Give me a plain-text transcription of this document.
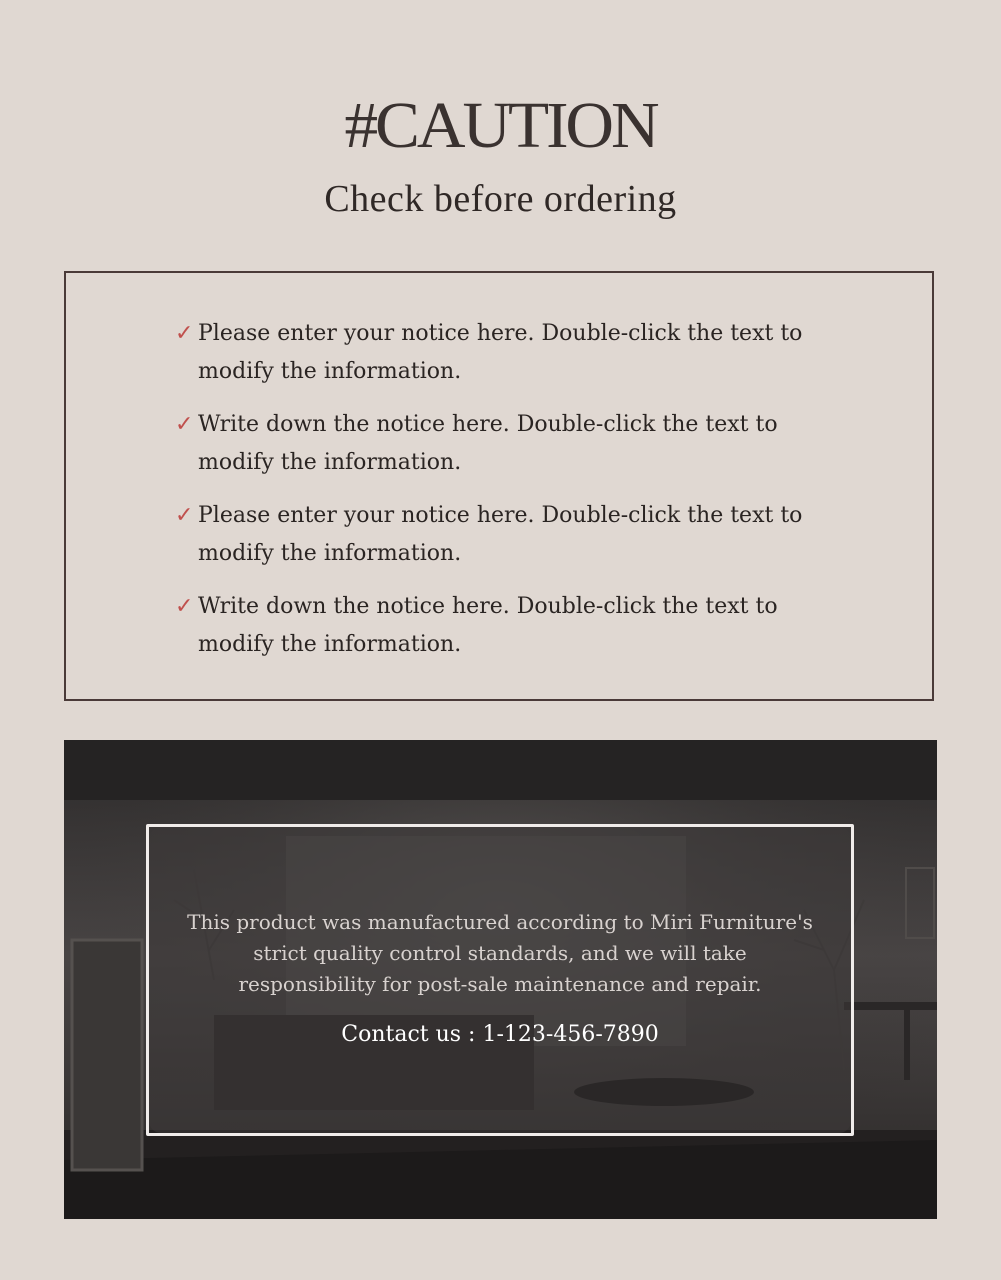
#CAUTION
Check before ordering
✓ Please enter your notice here. Double-click the text to
modify the information.
✓ Write down the notice here. Double-click the text to
modify the information.
✓ Please enter your notice here. Double-click the text to
modify the information.
✓ Write down the notice here. Double-click the text to
modify the information.

This product was manufactured according to Miri Furniture's
strict quality control standards, and we will take
responsibility for post-sale maintenance and repair.

Contact us : 1-123-456-7890
